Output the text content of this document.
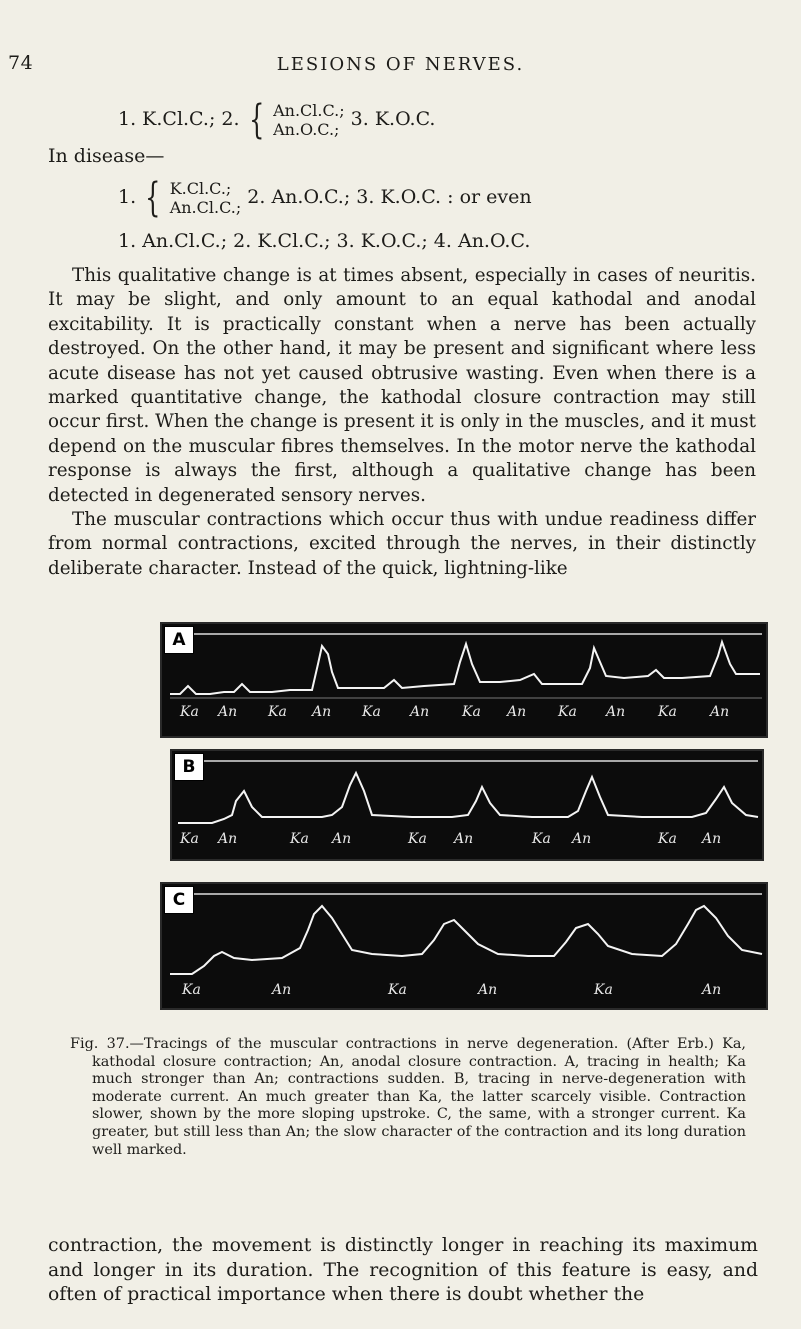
74	LESIONS OF NERVES.
1. K.Cl.C.; 2. { An.Cl.C.;
An.O.C.; 3. K.O.C.
In disease—
1. { K.Cl.C.;
An.Cl.C.; 2. An.O.C.; 3. K.O.C. : or even
1. An.Cl.C.; 2. K.Cl.C.; 3. K.O.C.; 4. An.O.C.

This qualitative change is at times absent, especially in cases of neuritis. It may be slight, and only amount to an equal kathodal and anodal excitability. It is practically constant when a nerve has been actually destroyed. On the other hand, it may be present and significant where less acute disease has not yet caused obtrusive wasting. Even when there is a marked quantitative change, the kathodal closure contraction may still occur first. When the change is present it is only in the muscles, and it must depend on the muscular fibres themselves. In the motor nerve the kathodal response is always the first, although a qualitative change has been detected in degenerated sensory nerves.

The muscular contractions which occur thus with undue readiness differ from normal contractions, excited through the nerves, in their distinctly deliberate character. Instead of the quick, lightning-like

A
Ka An Ka An Ka An Ka An Ka An Ka An
B
Ka An	Ka An	Ka An	Ka An	Ka An
C
Ka	An	Ka	An	Ka	An

Fig. 37.—Tracings of the muscular contractions in nerve degeneration. (After Erb.) Ka, kathodal closure contraction; An, anodal closure contraction. A, tracing in health; Ka much stronger than An; contractions sudden. B, tracing in nerve-degeneration with moderate current. An much greater than Ka, the latter scarcely visible. Contraction slower, shown by the more sloping upstroke. C, the same, with a stronger current. Ka greater, but still less than An; the slow character of the contraction and its long duration well marked.

contraction, the movement is distinctly longer in reaching its maximum and longer in its duration. The recognition of this feature is easy, and often of practical importance when there is doubt whether the
